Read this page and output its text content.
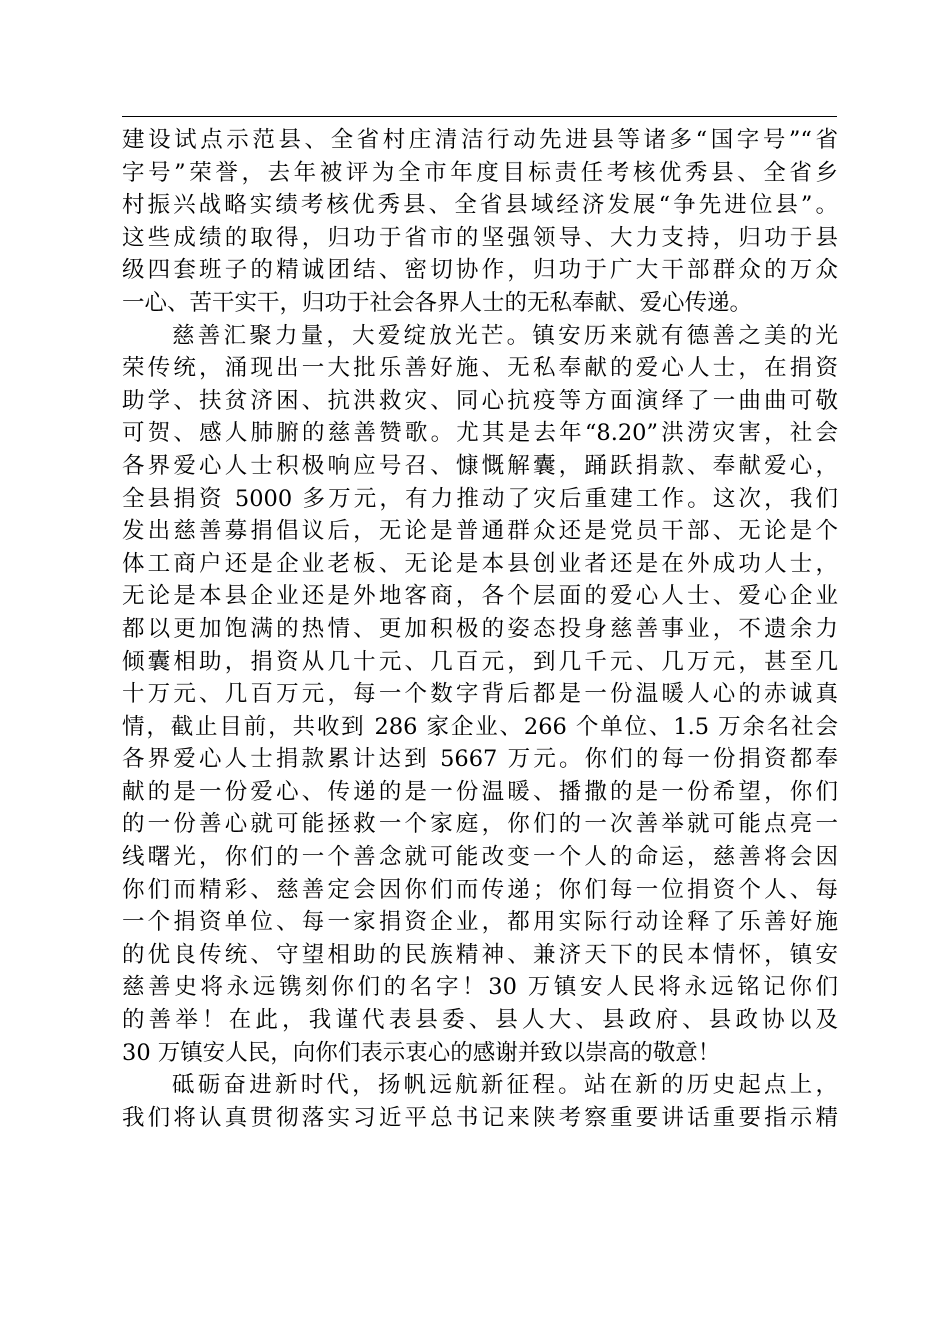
建设试点示范县、全省村庄清洁行动先进县等诸多“国字号”“省
字号”荣誉，去年被评为全市年度目标责任考核优秀县、全省乡
村振兴战略实绩考核优秀县、全省县域经济发展“争先进位县”。
这些成绩的取得，归功于省市的坚强领导、大力支持，归功于县
级四套班子的精诚团结、密切协作，归功于广大干部群众的万众
一心、苦干实干，归功于社会各界人士的无私奉献、爱心传递。
慈善汇聚力量，大爱绽放光芒。镇安历来就有德善之美的光
荣传统，涌现出一大批乐善好施、无私奉献的爱心人士，在捐资
助学、扶贫济困、抗洪救灾、同心抗疫等方面演绎了一曲曲可敬
可贺、感人肺腑的慈善赞歌。尤其是去年“8.20”洪涝灾害，社会
各界爱心人士积极响应号召、慷慨解囊，踊跃捐款、奉献爱心，
全县捐资 5000 多万元，有力推动了灾后重建工作。这次，我们
发出慈善募捐倡议后，无论是普通群众还是党员干部、无论是个
体工商户还是企业老板、无论是本县创业者还是在外成功人士，
无论是本县企业还是外地客商，各个层面的爱心人士、爱心企业
都以更加饱满的热情、更加积极的姿态投身慈善事业，不遗余力
倾囊相助，捐资从几十元、几百元，到几千元、几万元，甚至几
十万元、几百万元，每一个数字背后都是一份温暖人心的赤诚真
情，截止目前，共收到 286 家企业、266 个单位、1.5 万余名社会
各界爱心人士捐款累计达到 5667 万元。你们的每一份捐资都奉
献的是一份爱心、传递的是一份温暖、播撒的是一份希望，你们
的一份善心就可能拯救一个家庭，你们的一次善举就可能点亮一
线曙光，你们的一个善念就可能改变一个人的命运，慈善将会因
你们而精彩、慈善定会因你们而传递；你们每一位捐资个人、每
一个捐资单位、每一家捐资企业，都用实际行动诠释了乐善好施
的优良传统、守望相助的民族精神、兼济天下的民本情怀，镇安
慈善史将永远镌刻你们的名字！30 万镇安人民将永远铭记你们
的善举！在此，我谨代表县委、县人大、县政府、县政协以及
30 万镇安人民，向你们表示衷心的感谢并致以崇高的敬意！
砥砺奋进新时代，扬帆远航新征程。站在新的历史起点上，
我们将认真贯彻落实习近平总书记来陕考察重要讲话重要指示精
